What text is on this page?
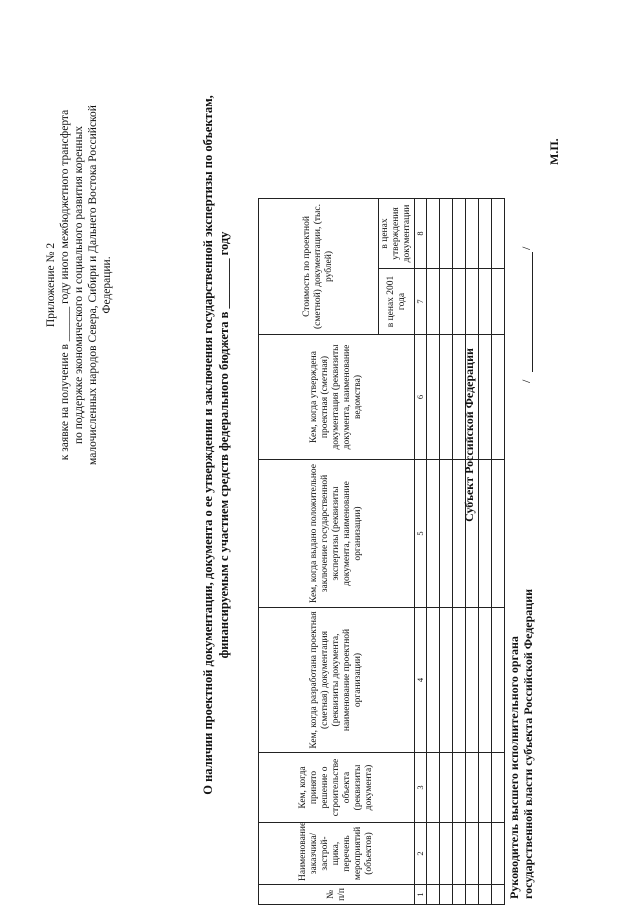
Приложение № 2 к заявке на получение в ______ году иного межбюджетного трансферта по поддержке экономического и социального развития коренных малочисленных народов Севера, Сибири и Дальнего Востока Российской Федерации.	О наличии проектной документации, документа о ее утверждении и заключения государственной экспертизы по объектам, финансируемым с участием средств федерального бюджета в ________ году
№ п/п	Наименование заказчика/застрой-щика, перечень мероприятий (объектов)	Кем, когда принято решение о строительстве объекта (реквизиты документа)	Кем, когда разработана проектная (сметная) документация (реквизиты документа, наименование проектной организации)	Кем, когда выдано положительное заключение государственной экспертизы (реквизиты документа, наименование организации)	Кем, когда утверждена проектная (сметная) документация (реквизиты документа, наименование ведомства)	Стоимость по проектной (сметной) документации, (тыс. рублей)		
						в ценах 2001 года	в ценах утверждения документации	
1	2	3	4	5	6	7	8	

Субъект Российской Федерации
Руководитель высшего исполнительного органа государственной власти субъекта Российской Федерации
/
/
М.П.
